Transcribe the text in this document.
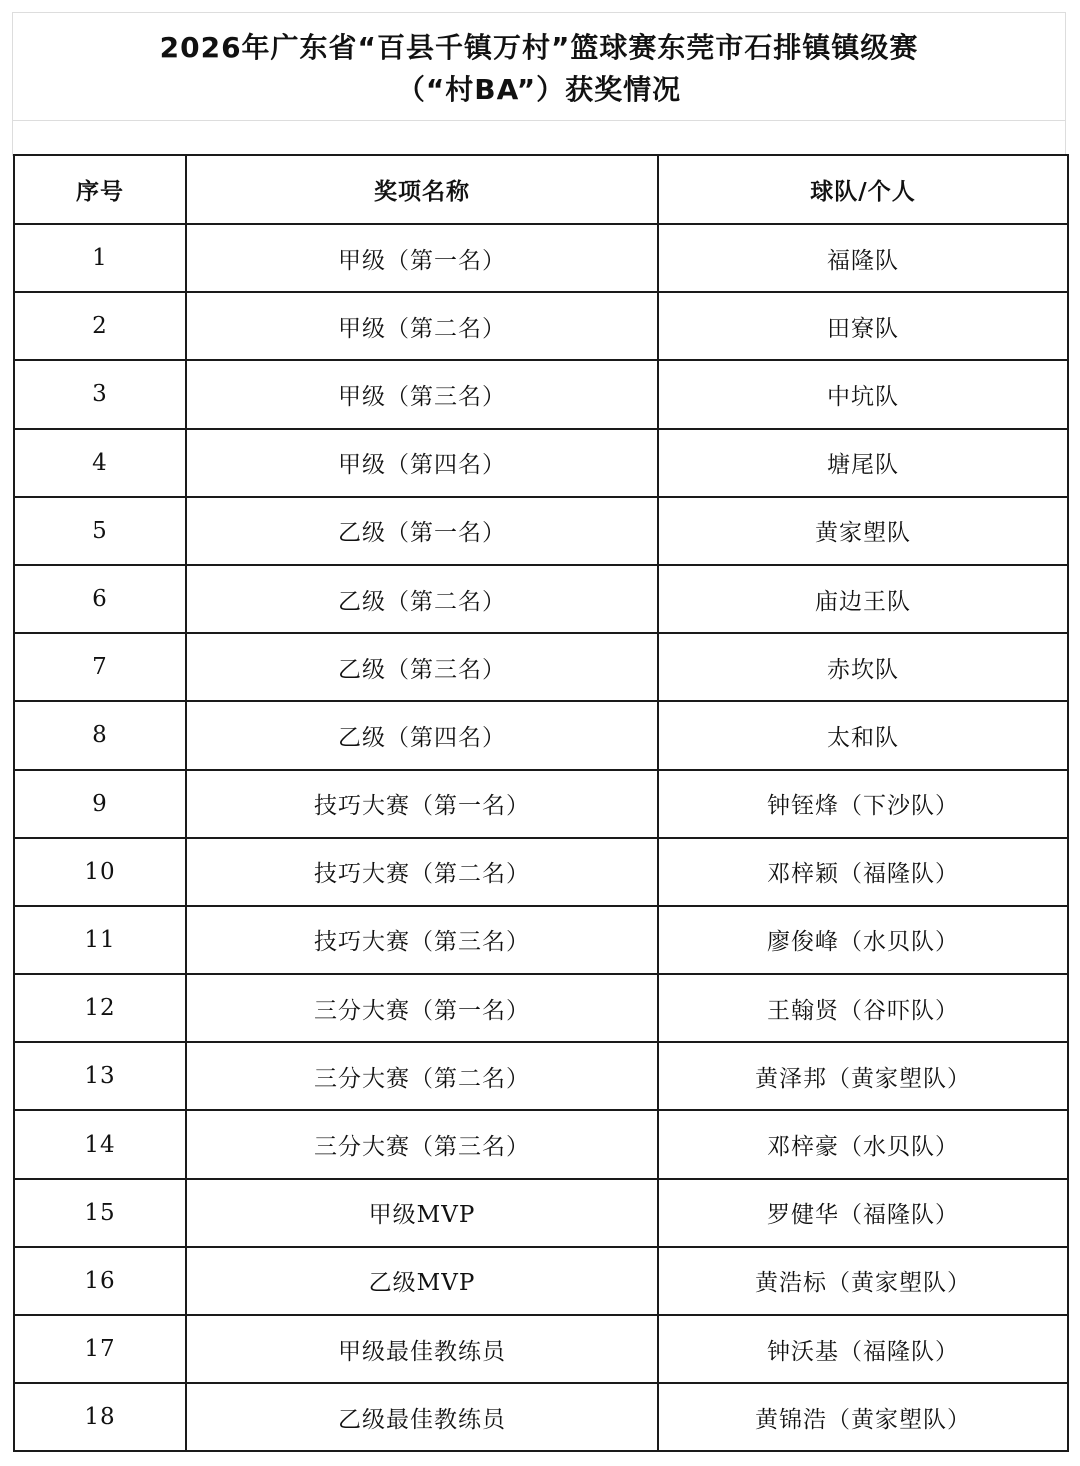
2026年广东省“百县千镇万村”篮球赛东莞市石排镇镇级赛
（“村BA”）获奖情况
序号	奖项名称	球队/个人
1	甲级（第一名）	福隆队
2	甲级（第二名）	田寮队
3	甲级（第三名）	中坑队
4	甲级（第四名）	塘尾队
5	乙级（第一名）	黄家塱队
6	乙级（第二名）	庙边王队
7	乙级（第三名）	赤坎队
8	乙级（第四名）	太和队
9	技巧大赛（第一名）	钟铚烽（下沙队）
10	技巧大赛（第二名）	邓梓颖（福隆队）
11	技巧大赛（第三名）	廖俊峰（水贝队）
12	三分大赛（第一名）	王翰贤（谷吓队）
13	三分大赛（第二名）	黄泽邦（黄家塱队）
14	三分大赛（第三名）	邓梓豪（水贝队）
15	甲级MVP	罗健华（福隆队）
16	乙级MVP	黄浩标（黄家塱队）
17	甲级最佳教练员	钟沃基（福隆队）
18	乙级最佳教练员	黄锦浩（黄家塱队）
